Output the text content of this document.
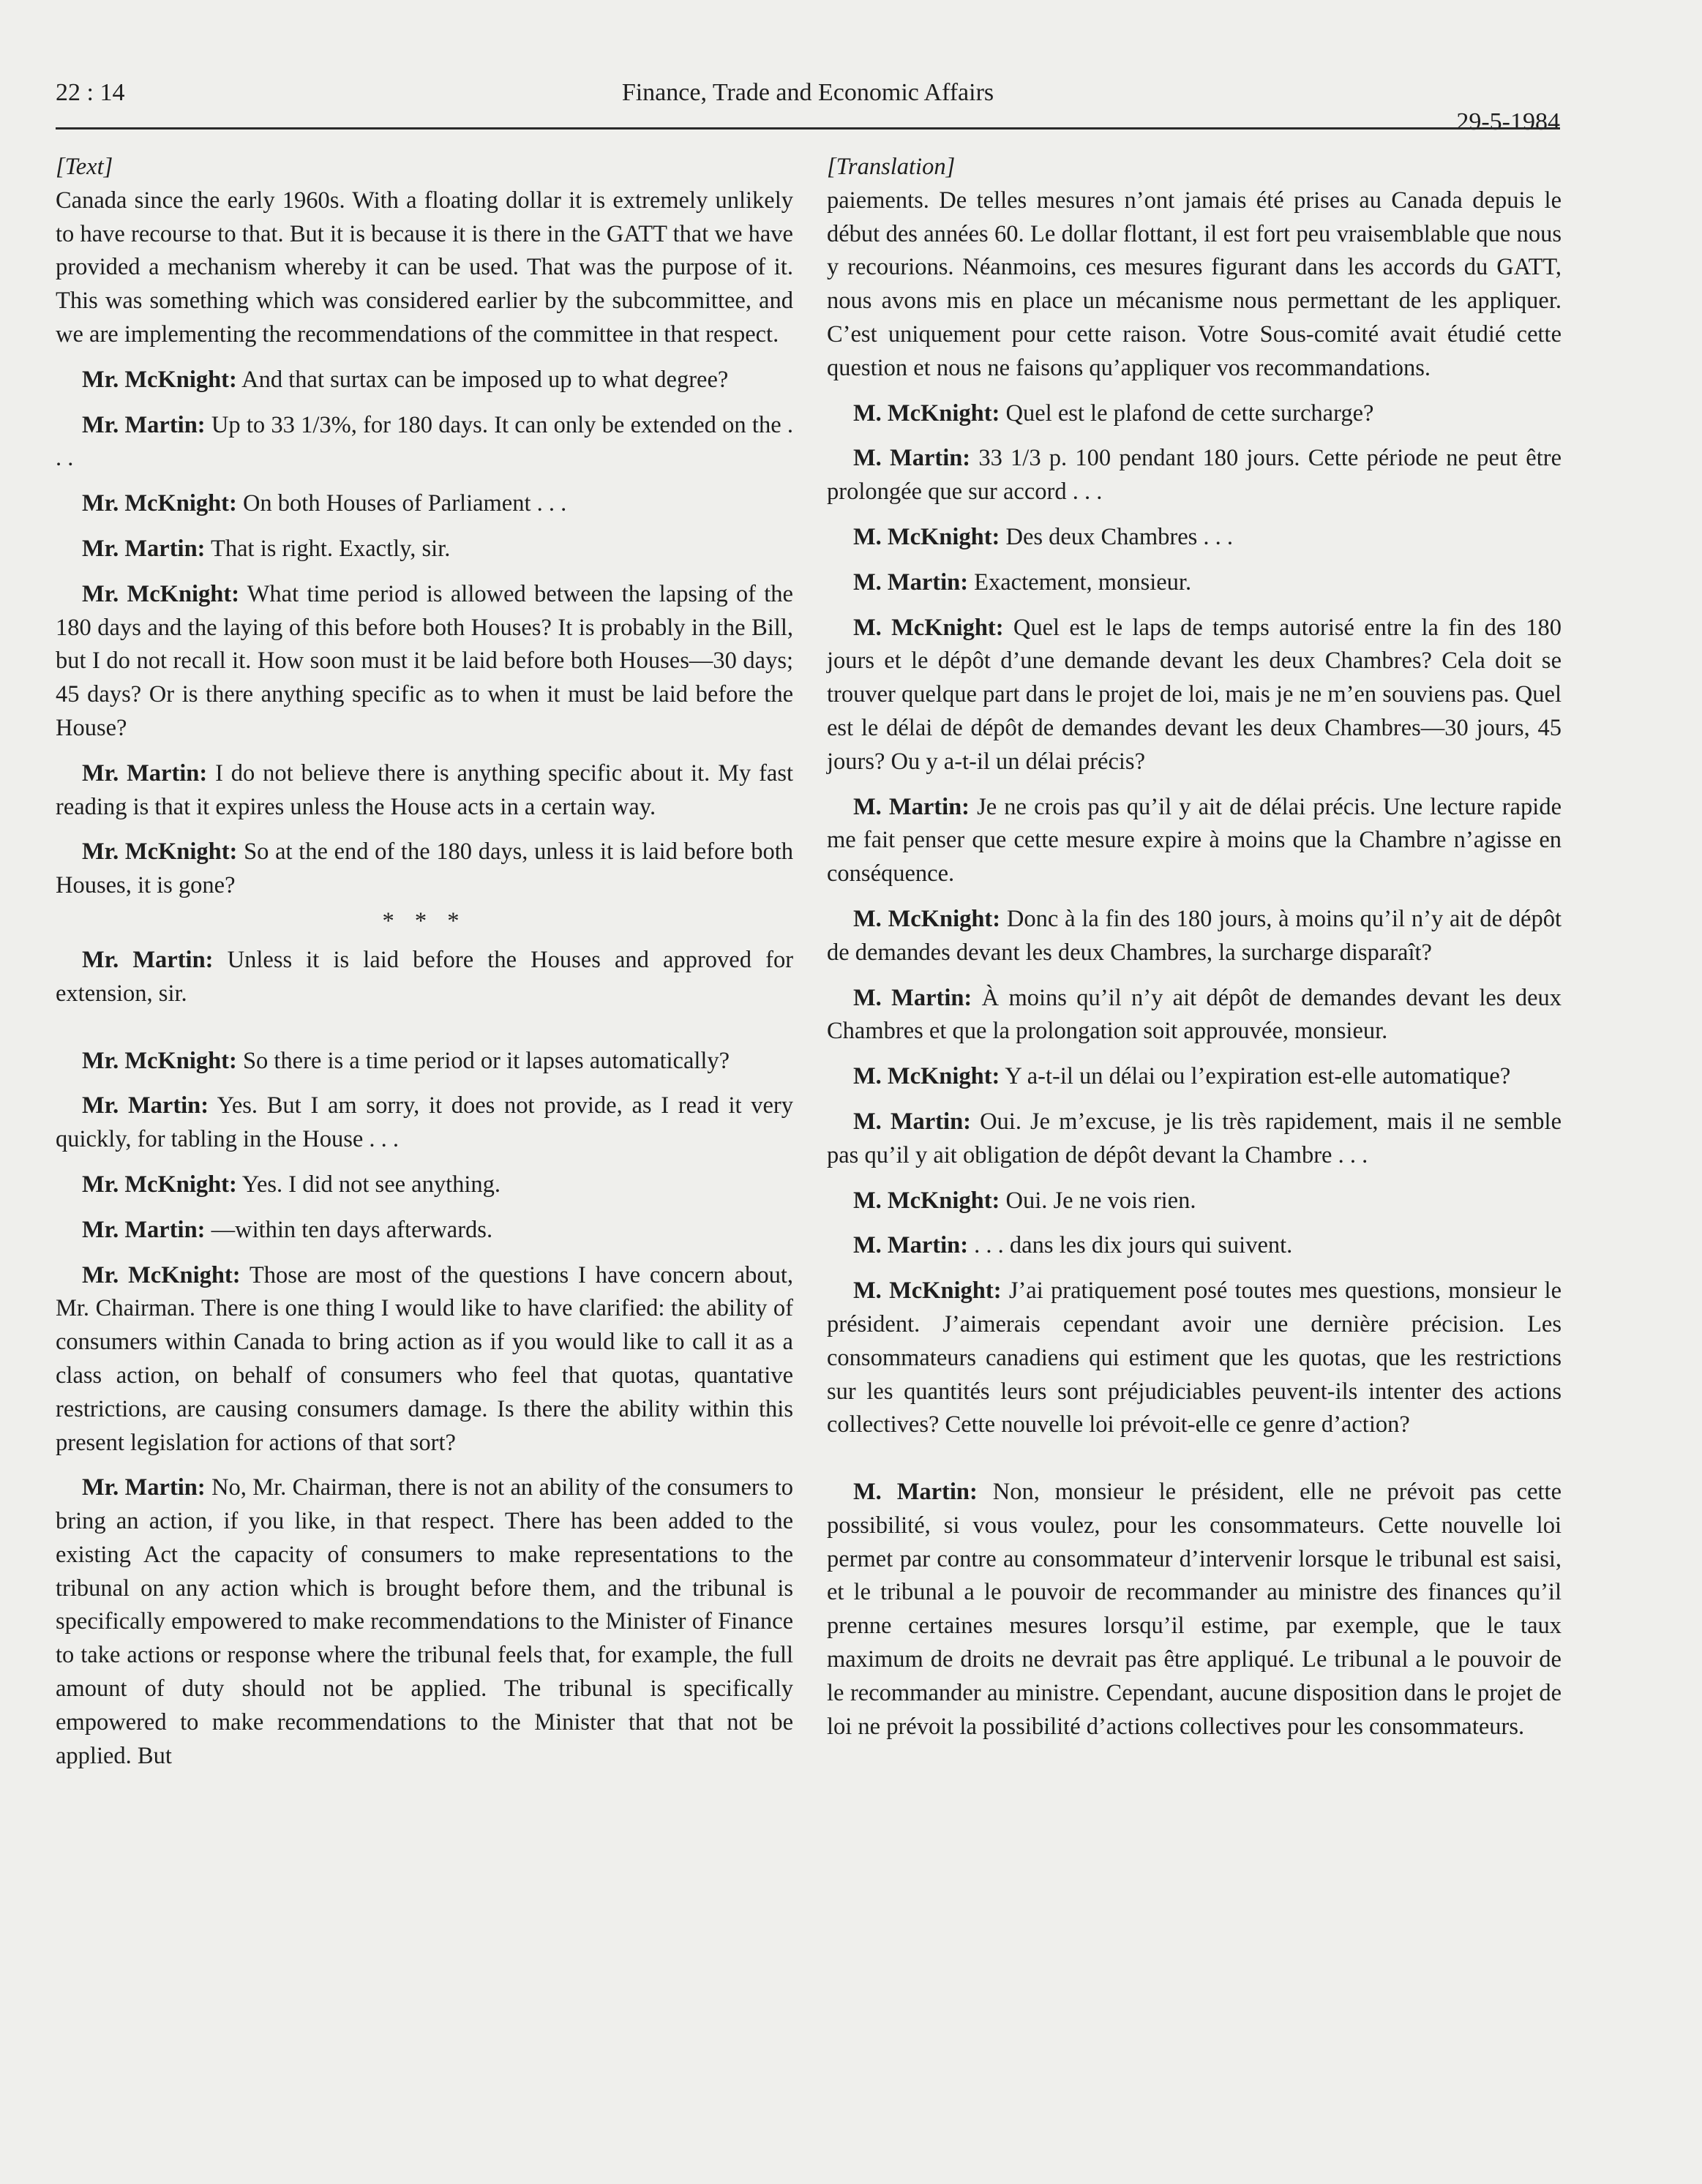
22 : 14	Finance, Trade and Economic Affairs
29-5-1984
[Text]

Canada since the early 1960s. With a floating dollar it is extremely unlikely to have recourse to that. But it is because it is there in the GATT that we have provided a mechanism whereby it can be used. That was the purpose of it. This was something which was considered earlier by the subcommittee, and we are implementing the recommendations of the committee in that respect.

Mr. McKnight: And that surtax can be imposed up to what degree?

Mr. Martin: Up to 33 1/3%, for 180 days. It can only be extended on the . . .

Mr. McKnight: On both Houses of Parliament . . .

Mr. Martin: That is right. Exactly, sir.

Mr. McKnight: What time period is allowed between the lapsing of the 180 days and the laying of this before both Houses? It is probably in the Bill, but I do not recall it. How soon must it be laid before both Houses—30 days; 45 days? Or is there anything specific as to when it must be laid before the House?

Mr. Martin: I do not believe there is anything specific about it. My fast reading is that it expires unless the House acts in a certain way.

Mr. McKnight: So at the end of the 180 days, unless it is laid before both Houses, it is gone?

* * *

Mr. Martin: Unless it is laid before the Houses and approved for extension, sir.

Mr. McKnight: So there is a time period or it lapses automatically?

Mr. Martin: Yes. But I am sorry, it does not provide, as I read it very quickly, for tabling in the House . . .

Mr. McKnight: Yes. I did not see anything.

Mr. Martin: —within ten days afterwards.

Mr. McKnight: Those are most of the questions I have concern about, Mr. Chairman. There is one thing I would like to have clarified: the ability of consumers within Canada to bring action as if you would like to call it as a class action, on behalf of consumers who feel that quotas, quantative restrictions, are causing consumers damage. Is there the ability within this present legislation for actions of that sort?

Mr. Martin: No, Mr. Chairman, there is not an ability of the consumers to bring an action, if you like, in that respect. There has been added to the existing Act the capacity of consumers to make representations to the tribunal on any action which is brought before them, and the tribunal is specifically empowered to make recommendations to the Minister of Finance to take actions or response where the tribunal feels that, for example, the full amount of duty should not be applied. The tribunal is specifically empowered to make recommendations to the Minister that that not be applied. But

[Translation]

paiements. De telles mesures n’ont jamais été prises au Canada depuis le début des années 60. Le dollar flottant, il est fort peu vraisemblable que nous y recourions. Néanmoins, ces mesures figurant dans les accords du GATT, nous avons mis en place un mécanisme nous permettant de les appliquer. C’est uniquement pour cette raison. Votre Sous-comité avait étudié cette question et nous ne faisons qu’appliquer vos recommandations.

M. McKnight: Quel est le plafond de cette surcharge?

M. Martin: 33 1/3 p. 100 pendant 180 jours. Cette période ne peut être prolongée que sur accord . . .

M. McKnight: Des deux Chambres . . .

M. Martin: Exactement, monsieur.

M. McKnight: Quel est le laps de temps autorisé entre la fin des 180 jours et le dépôt d’une demande devant les deux Chambres? Cela doit se trouver quelque part dans le projet de loi, mais je ne m’en souviens pas. Quel est le délai de dépôt de demandes devant les deux Chambres—30 jours, 45 jours? Ou y a-t-il un délai précis?

M. Martin: Je ne crois pas qu’il y ait de délai précis. Une lecture rapide me fait penser que cette mesure expire à moins que la Chambre n’agisse en conséquence.

M. McKnight: Donc à la fin des 180 jours, à moins qu’il n’y ait de dépôt de demandes devant les deux Chambres, la surcharge disparaît?

M. Martin: À moins qu’il n’y ait dépôt de demandes devant les deux Chambres et que la prolongation soit approuvée, monsieur.

M. McKnight: Y a-t-il un délai ou l’expiration est-elle automatique?

M. Martin: Oui. Je m’excuse, je lis très rapidement, mais il ne semble pas qu’il y ait obligation de dépôt devant la Chambre . . .

M. McKnight: Oui. Je ne vois rien.

M. Martin: . . . dans les dix jours qui suivent.

M. McKnight: J’ai pratiquement posé toutes mes questions, monsieur le président. J’aimerais cependant avoir une dernière précision. Les consommateurs canadiens qui estiment que les quotas, que les restrictions sur les quantités leurs sont préjudiciables peuvent-ils intenter des actions collectives? Cette nouvelle loi prévoit-elle ce genre d’action?

M. Martin: Non, monsieur le président, elle ne prévoit pas cette possibilité, si vous voulez, pour les consommateurs. Cette nouvelle loi permet par contre au consommateur d’intervenir lorsque le tribunal est saisi, et le tribunal a le pouvoir de recommander au ministre des finances qu’il prenne certaines mesures lorsqu’il estime, par exemple, que le taux maximum de droits ne devrait pas être appliqué. Le tribunal a le pouvoir de le recommander au ministre. Cependant, aucune disposition dans le projet de loi ne prévoit la possibilité d’actions collectives pour les consommateurs.
